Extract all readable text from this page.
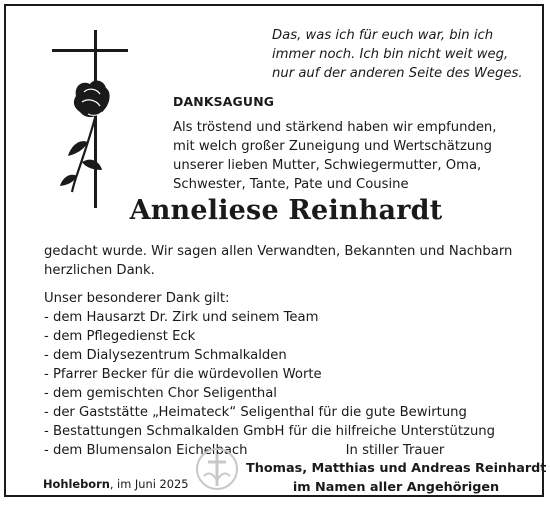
Das, was ich für euch war, bin ich
immer noch. Ich bin nicht weit weg,
nur auf der anderen Seite des Weges.
DANKSAGUNG
Als tröstend und stärkend haben wir empfunden,
mit welch großer Zuneigung und Wertschätzung
unserer lieben Mutter, Schwiegermutter, Oma,
Schwester, Tante, Pate und Cousine
Anneliese Reinhardt
gedacht wurde. Wir sagen allen Verwandten, Bekannten und Nachbarn
herzlichen Dank.
Unser besonderer Dank gilt:
- dem Hausarzt Dr. Zirk und seinem Team
- dem Pflegedienst Eck
- dem Dialysezentrum Schmalkalden
- Pfarrer Becker für die würdevollen Worte
- dem gemischten Chor Seligenthal
- der Gaststätte „Heimateck“ Seligenthal für die gute Bewirtung
- Bestattungen Schmalkalden GmbH für die hilfreiche Unterstützung
- dem Blumensalon Eichelbach	In stiller Trauer
Thomas, Matthias und Andreas Reinhardt
im Namen aller Angehörigen
Hohleborn, im Juni 2025
